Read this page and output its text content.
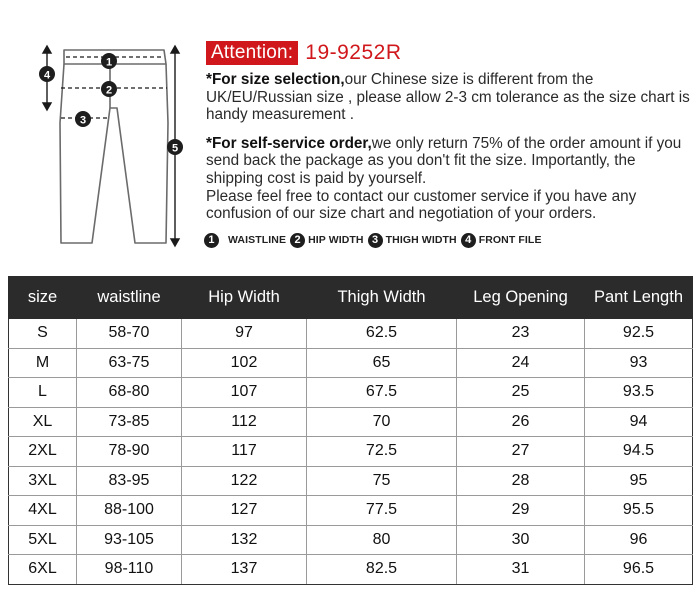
1
2
3
4
5
Attention: 19-9252R

*For size selection,our Chinese size is different from the UK/EU/Russian size , please allow 2-3 cm tolerance as the size chart is handy measurement .

*For self-service order,we only return 75% of the order amount if you send back the package as you don't fit the size. Importantly, the shipping cost is paid by yourself.

Please feel free to contact our customer service if you have any confusion of our size chart and negotiation of your orders.

1	WAISTLINE 2 HIP WIDTH 3 THIGH WIDTH 4 FRONT FILE
size	waistline	Hip Width	Thigh Width	Leg Opening	Pant Length
S	58-70	97	62.5	23	92.5
M	63-75	102	65	24	93
L	68-80	107	67.5	25	93.5
XL	73-85	112	70	26	94
2XL	78-90	117	72.5	27	94.5
3XL	83-95	122	75	28	95
4XL	88-100	127	77.5	29	95.5
5XL	93-105	132	80	30	96
6XL	98-110	137	82.5	31	96.5
